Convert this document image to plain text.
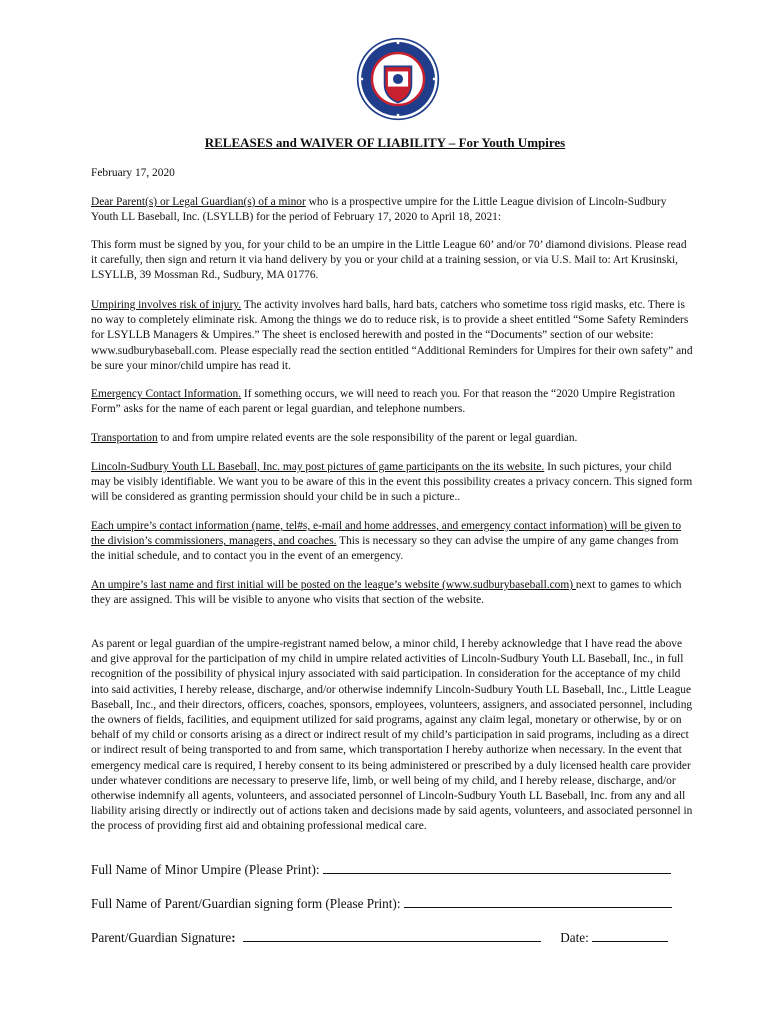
RELEASES and WAIVER OF LIABILITY – For Youth Umpires
February 17, 2020

Dear Parent(s) or Legal Guardian(s) of a minor who is a prospective umpire for the Little League division of Lincoln-Sudbury Youth LL Baseball, Inc. (LSYLLB) for the period of February 17, 2020 to April 18, 2021:

This form must be signed by you, for your child to be an umpire in the Little League 60’ and/or 70’ diamond divisions. Please read it carefully, then sign and return it via hand delivery by you or your child at a training session, or via U.S. Mail to: Art Krusinski, LSYLLB, 39 Mossman Rd., Sudbury, MA 01776.

Umpiring involves risk of injury. The activity involves hard balls, hard bats, catchers who sometime toss rigid masks, etc. There is no way to completely eliminate risk. Among the things we do to reduce risk, is to provide a sheet entitled “Some Safety Reminders for LSYLLB Managers & Umpires.” The sheet is enclosed herewith and posted in the “Documents” section of our website: www.sudburybaseball.com. Please especially read the section entitled “Additional Reminders for Umpires for their own safety” and be sure your minor/child umpire has read it.

Emergency Contact Information. If something occurs, we will need to reach you. For that reason the “2020 Umpire Registration Form” asks for the name of each parent or legal guardian, and telephone numbers.

Transportation to and from umpire related events are the sole responsibility of the parent or legal guardian.

Lincoln-Sudbury Youth LL Baseball, Inc. may post pictures of game participants on the its website. In such pictures, your child may be visibly identifiable. We want you to be aware of this in the event this possibility creates a privacy concern. This signed form will be considered as granting permission should your child be in such a picture..

Each umpire’s contact information (name, tel#s, e-mail and home addresses, and emergency contact information) will be given to the division’s commissioners, managers, and coaches. This is necessary so they can advise the umpire of any game changes from the initial schedule, and to contact you in the event of an emergency.

An umpire’s last name and first initial will be posted on the league’s website (www.sudburybaseball.com) next to games to which they are assigned. This will be visible to anyone who visits that section of the website.

As parent or legal guardian of the umpire-registrant named below, a minor child, I hereby acknowledge that I have read the above and give approval for the participation of my child in umpire related activities of Lincoln-Sudbury Youth LL Baseball, Inc., in full recognition of the possibility of physical injury associated with said participation. In consideration for the acceptance of my child into said activities, I hereby release, discharge, and/or otherwise indemnify Lincoln-Sudbury Youth LL Baseball, Inc., Little League Baseball, Inc., and their directors, officers, coaches, sponsors, employees, volunteers, assigners, and associated personnel, including the owners of fields, facilities, and equipment utilized for said programs, against any claim legal, monetary or otherwise, by or on behalf of my child or consorts arising as a direct or indirect result of my child’s participation in said programs, including as a direct or indirect result of being transported to and from same, which transportation I hereby authorize when necessary. In the event that emergency medical care is required, I hereby consent to its being administered or prescribed by a duly licensed health care provider under whatever conditions are necessary to preserve life, limb, or well being of my child, and I hereby release, discharge, and/or otherwise indemnify all agents, volunteers, and associated personnel of Lincoln-Sudbury Youth LL Baseball, Inc. from any and all liability arising directly or indirectly out of actions taken and decisions made by said agents, volunteers, and associated personnel in the process of providing first aid and obtaining professional medical care.

Full Name of Minor Umpire (Please Print):
Full Name of Parent/Guardian signing form (Please Print):
Parent/Guardian Signature:	Date:
